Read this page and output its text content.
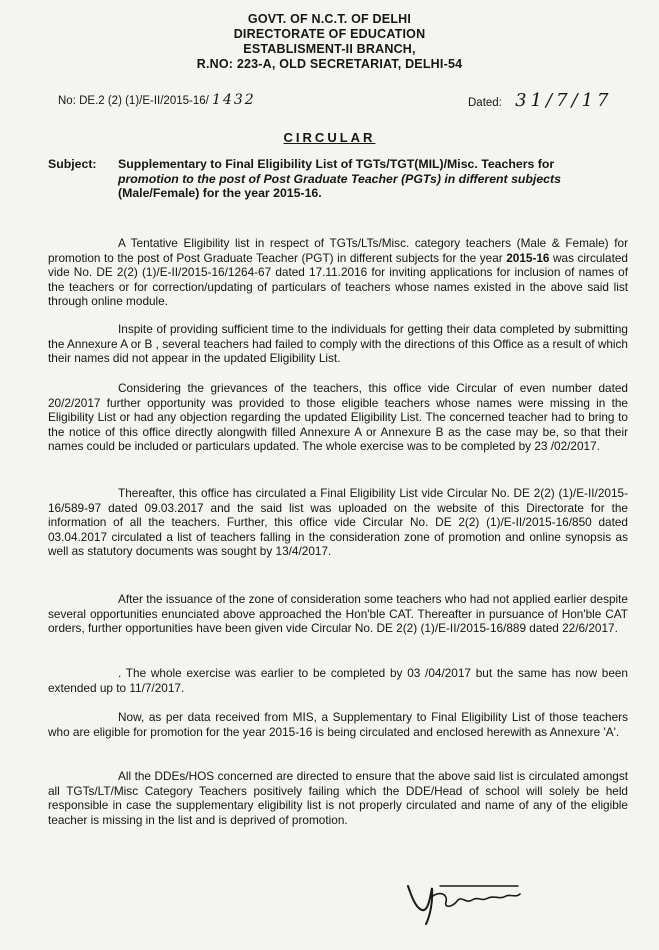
GOVT. OF N.C.T. OF DELHI
DIRECTORATE OF EDUCATION
ESTABLISMENT-II BRANCH,
R.NO: 223-A, OLD SECRETARIAT, DELHI-54
No: DE.2 (2) (1)/E-II/2015-16/ 1432	Dated: 31/7/17
CIRCULAR
Subject:	Supplementary to Final Eligibility List of TGTs/TGT(MIL)/Misc. Teachers for
promotion to the post of Post Graduate Teacher (PGTs) in different subjects
(Male/Female) for the year 2015-16.

A Tentative Eligibility list in respect of TGTs/LTs/Misc. category teachers (Male & Female) for promotion to the post of Post Graduate Teacher (PGT) in different subjects for the year 2015-16 was circulated vide No. DE 2(2) (1)/E-II/2015-16/1264-67 dated 17.11.2016 for inviting applications for inclusion of names of the teachers or for correction/updating of particulars of teachers whose names existed in the above said list through online module.

Inspite of providing sufficient time to the individuals for getting their data completed by submitting the Annexure A or B , several teachers had failed to comply with the directions of this Office as a result of which their names did not appear in the updated Eligibility List.

Considering the grievances of the teachers, this office vide Circular of even number dated 20/2/2017 further opportunity was provided to those eligible teachers whose names were missing in the Eligibility List or had any objection regarding the updated Eligibility List. The concerned teacher had to bring to the notice of this office directly alongwith filled Annexure A or Annexure B as the case may be, so that their names could be included or particulars updated. The whole exercise was to be completed by 23 /02/2017.

Thereafter, this office has circulated a Final Eligibility List vide Circular No. DE 2(2) (1)/E-II/2015-16/589-97 dated 09.03.2017 and the said list was uploaded on the website of this Directorate for the information of all the teachers. Further, this office vide Circular No. DE 2(2) (1)/E-II/2015-16/850 dated 03.04.2017 circulated a list of teachers falling in the consideration zone of promotion and online synopsis as well as statutory documents was sought by 13/4/2017.

After the issuance of the zone of consideration some teachers who had not applied earlier despite several opportunities enunciated above approached the Hon'ble CAT. Thereafter in pursuance of Hon'ble CAT orders, further opportunities have been given vide Circular No. DE 2(2) (1)/E-II/2015-16/889 dated 22/6/2017.

. The whole exercise was earlier to be completed by 03 /04/2017 but the same has now been extended up to 11/7/2017.

Now, as per data received from MIS, a Supplementary to Final Eligibility List of those teachers who are eligible for promotion for the year 2015-16 is being circulated and enclosed herewith as Annexure 'A'.

All the DDEs/HOS concerned are directed to ensure that the above said list is circulated amongst all TGTs/LT/Misc Category Teachers positively failing which the DDE/Head of school will solely be held responsible in case the supplementary eligibility list is not properly circulated and name of any of the eligible teacher is missing in the list and is deprived of promotion.
